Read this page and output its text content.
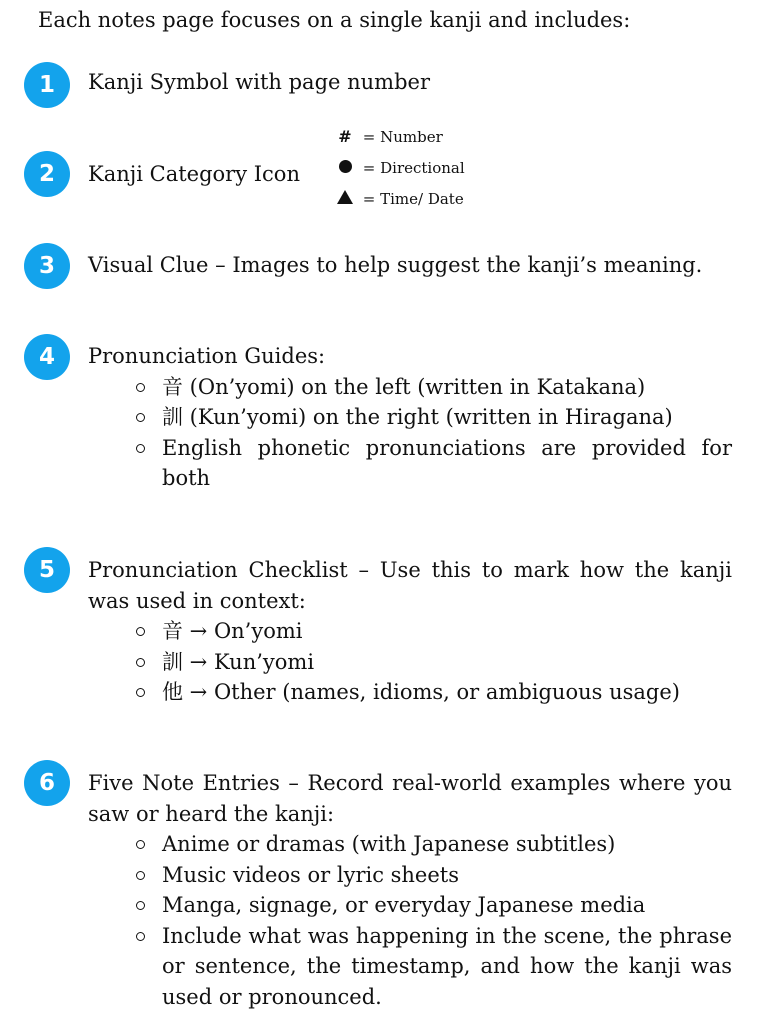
Each notes page focuses on a single kanji and includes:
1	Kanji Symbol with page number
2	Kanji Category Icon
# = Number
= Directional
= Time/ Date
3	Visual Clue – Images to help suggest the kanji’s meaning.
4	Pronunciation Guides:
音 (On’yomi) on the left (written in Katakana)
訓 (Kun’yomi) on the right (written in Hiragana)
English phonetic pronunciations are provided for both
5	Pronunciation Checklist – Use this to mark how the kanji was used in context:
音 → On’yomi
訓 → Kun’yomi
他 → Other (names, idioms, or ambiguous usage)
6	Five Note Entries – Record real-world examples where you saw or heard the kanji:
Anime or dramas (with Japanese subtitles)
Music videos or lyric sheets
Manga, signage, or everyday Japanese media
Include what was happening in the scene, the phrase or sentence, the timestamp, and how the kanji was used or pronounced.
